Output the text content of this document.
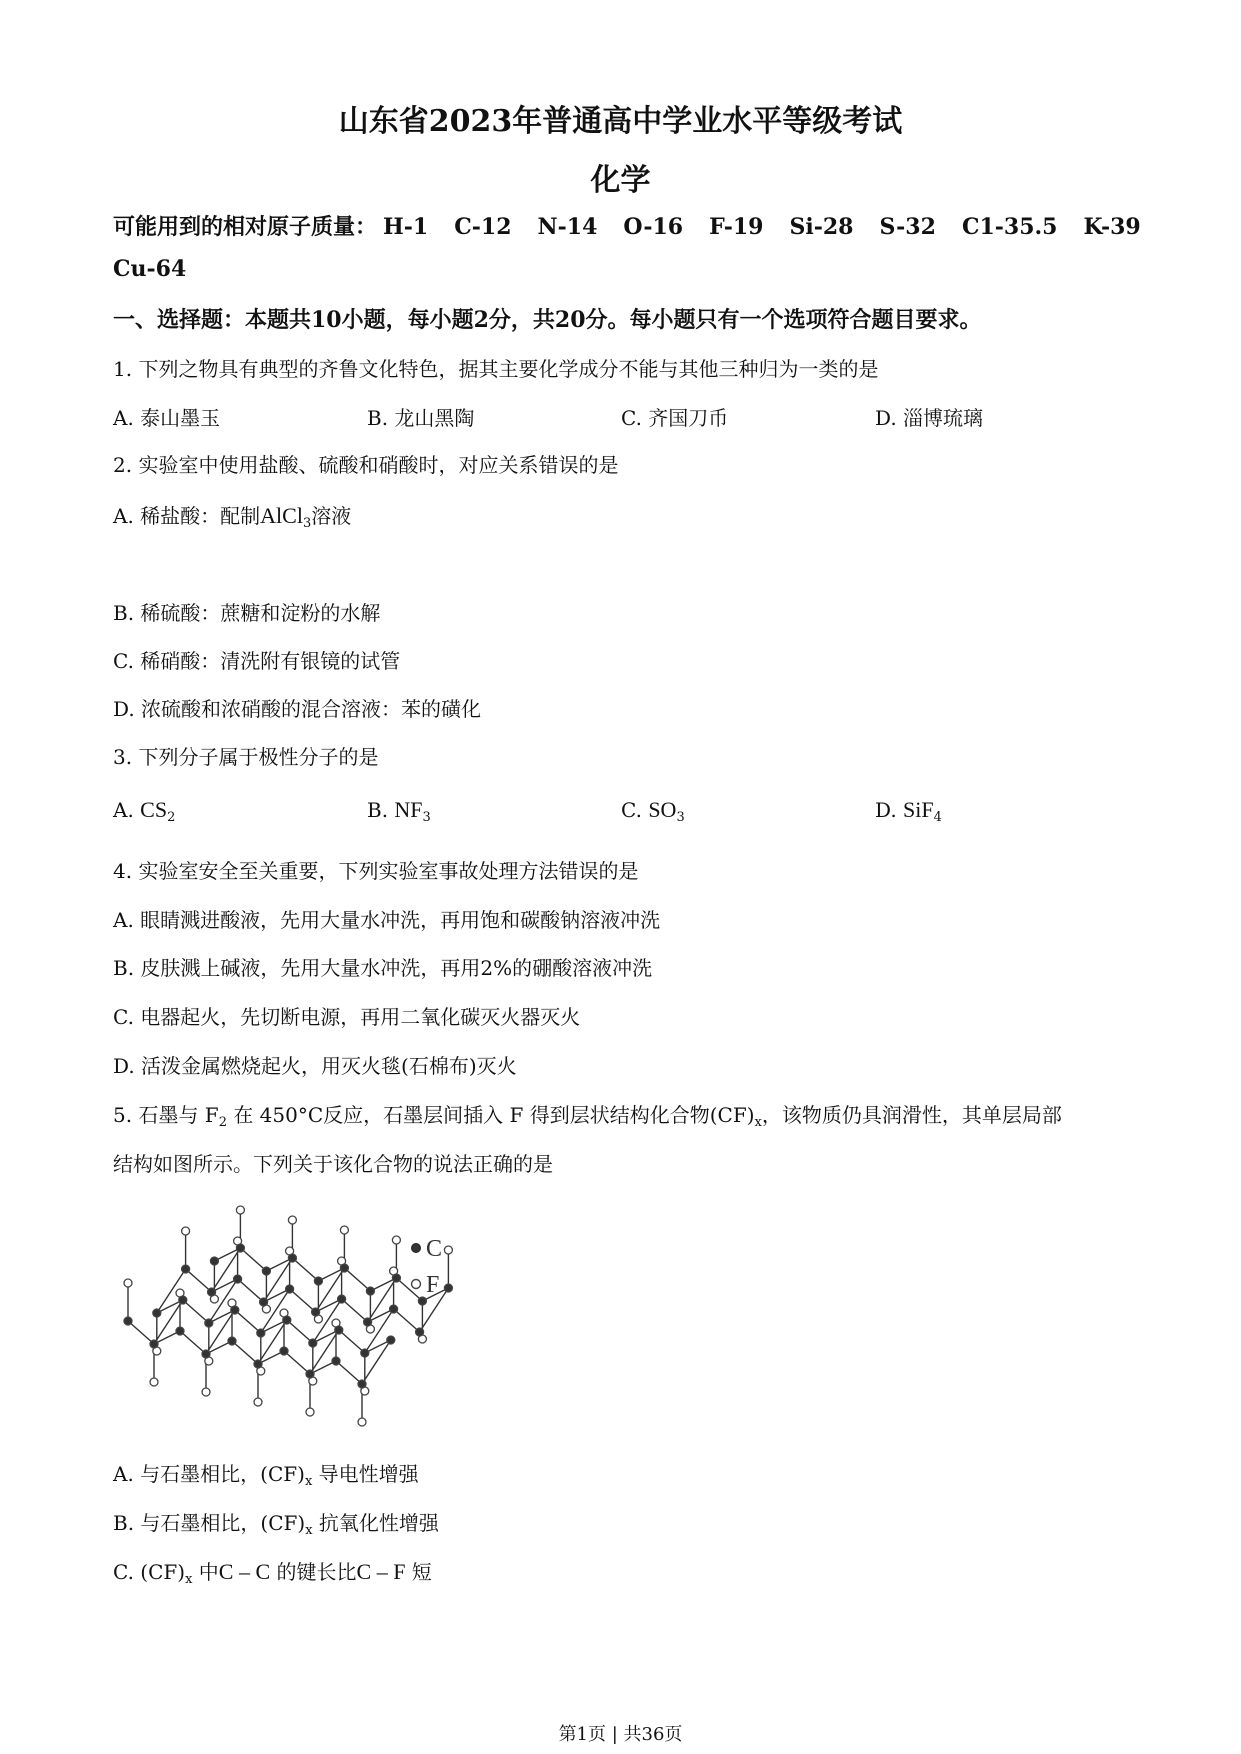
山东省2023年普通高中学业水平等级考试
化学
可能用到的相对原子质量： H-1 C-12 N-14 O-16 F-19 Si-28 S-32 C1-35.5 K-39
Cu-64
一、选择题：本题共10小题，每小题2分，共20分。每小题只有一个选项符合题目要求。
1. 下列之物具有典型的齐鲁文化特色，据其主要化学成分不能与其他三种归为一类的是
A. 泰山墨玉	B. 龙山黑陶	C. 齐国刀币	D. 淄博琉璃
2. 实验室中使用盐酸、硫酸和硝酸时，对应关系错误的是
A. 稀盐酸：配制AlCl$_3$溶液
B. 稀硫酸：蔗糖和淀粉的水解
C. 稀硝酸：清洗附有银镜的试管
D. 浓硫酸和浓硝酸的混合溶液：苯的磺化
3. 下列分子属于极性分子的是
A. $CS_2$	B. $NF_3$	C. $SO_3$	D. SiF$_4$
4. 实验室安全至关重要，下列实验室事故处理方法错误的是
A. 眼睛溅进酸液，先用大量水冲洗，再用饱和碳酸钠溶液冲洗
B. 皮肤溅上碱液，先用大量水冲洗，再用2%的硼酸溶液冲洗
C. 电器起火，先切断电源，再用二氧化碳灭火器灭火
D. 活泼金属燃烧起火，用灭火毯(石棉布)灭火
5. 石墨与 $F_2$ 在 450°C反应，石墨层间插入 F 得到层状结构化合物$(CF)_x$，该物质仍具润滑性，其单层局部
结构如图所示。下列关于该化合物的说法正确的是
C
F
A. 与石墨相比，$(CF)_x$ 导电性增强
B. 与石墨相比，$(CF)_x$ 抗氧化性增强
C. $(CF)_x$ 中C – C 的键长比C – F 短
第1页 | 共36页
